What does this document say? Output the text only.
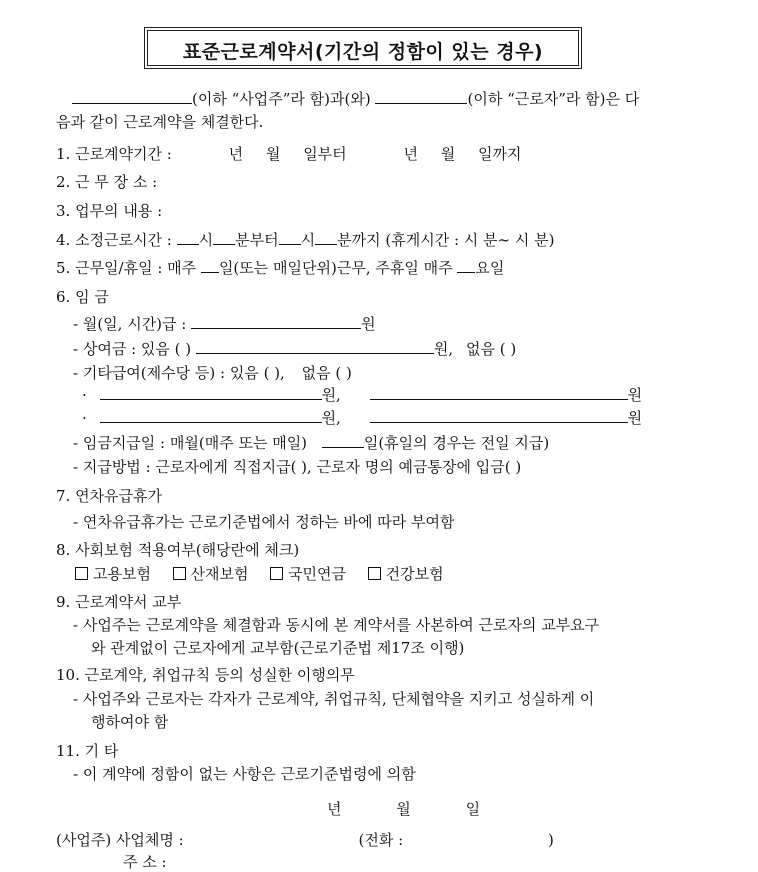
표준근로계약서(기간의 정함이 있는 경우)
(이하 “사업주”라 함)과(와)	(이하 “근로자”라 함)은 다
음과 같이 근로계약을 체결한다.
1. 근로계약기간 :	년 월 일부터	년 월 일까지
2. 근 무 장 소 :
3. 업무의 내용 :
4. 소정근로시간 : 시 분부터 시 분까지 (휴게시간 : 시 분~ 시 분)
5. 근무일/휴일 : 매주 일(또는 매일단위)근무, 주휴일 매주 요일
6. 임 금
- 월(일, 시간)급 :	원
- 상여금 : 있음 ( )	원, 없음 ( )
- 기타급여(제수당 등) : 있음 ( ), 없음 ( )
·	원,	원
·	원,	원
- 임금지급일 : 매월(매주 또는 매일)	일(휴일의 경우는 전일 지급)
- 지급방법 : 근로자에게 직접지급( ), 근로자 명의 예금통장에 입금( )
7. 연차유급휴가
- 연차유급휴가는 근로기준법에서 정하는 바에 따라 부여함
8. 사회보험 적용여부(해당란에 체크)
고용보험	산재보험	국민연금	건강보험
9. 근로계약서 교부
- 사업주는 근로계약을 체결함과 동시에 본 계약서를 사본하여 근로자의 교부요구
와 관계없이 근로자에게 교부함(근로기준법 제17조 이행)
10. 근로계약, 취업규칙 등의 성실한 이행의무
- 사업주와 근로자는 각자가 근로계약, 취업규칙, 단체협약을 지키고 성실하게 이
행하여야 함
11. 기 타
- 이 계약에 정함이 없는 사항은 근로기준법령에 의함
년	월	일
(사업주) 사업체명 :	(전화 :	)
주 소 :
